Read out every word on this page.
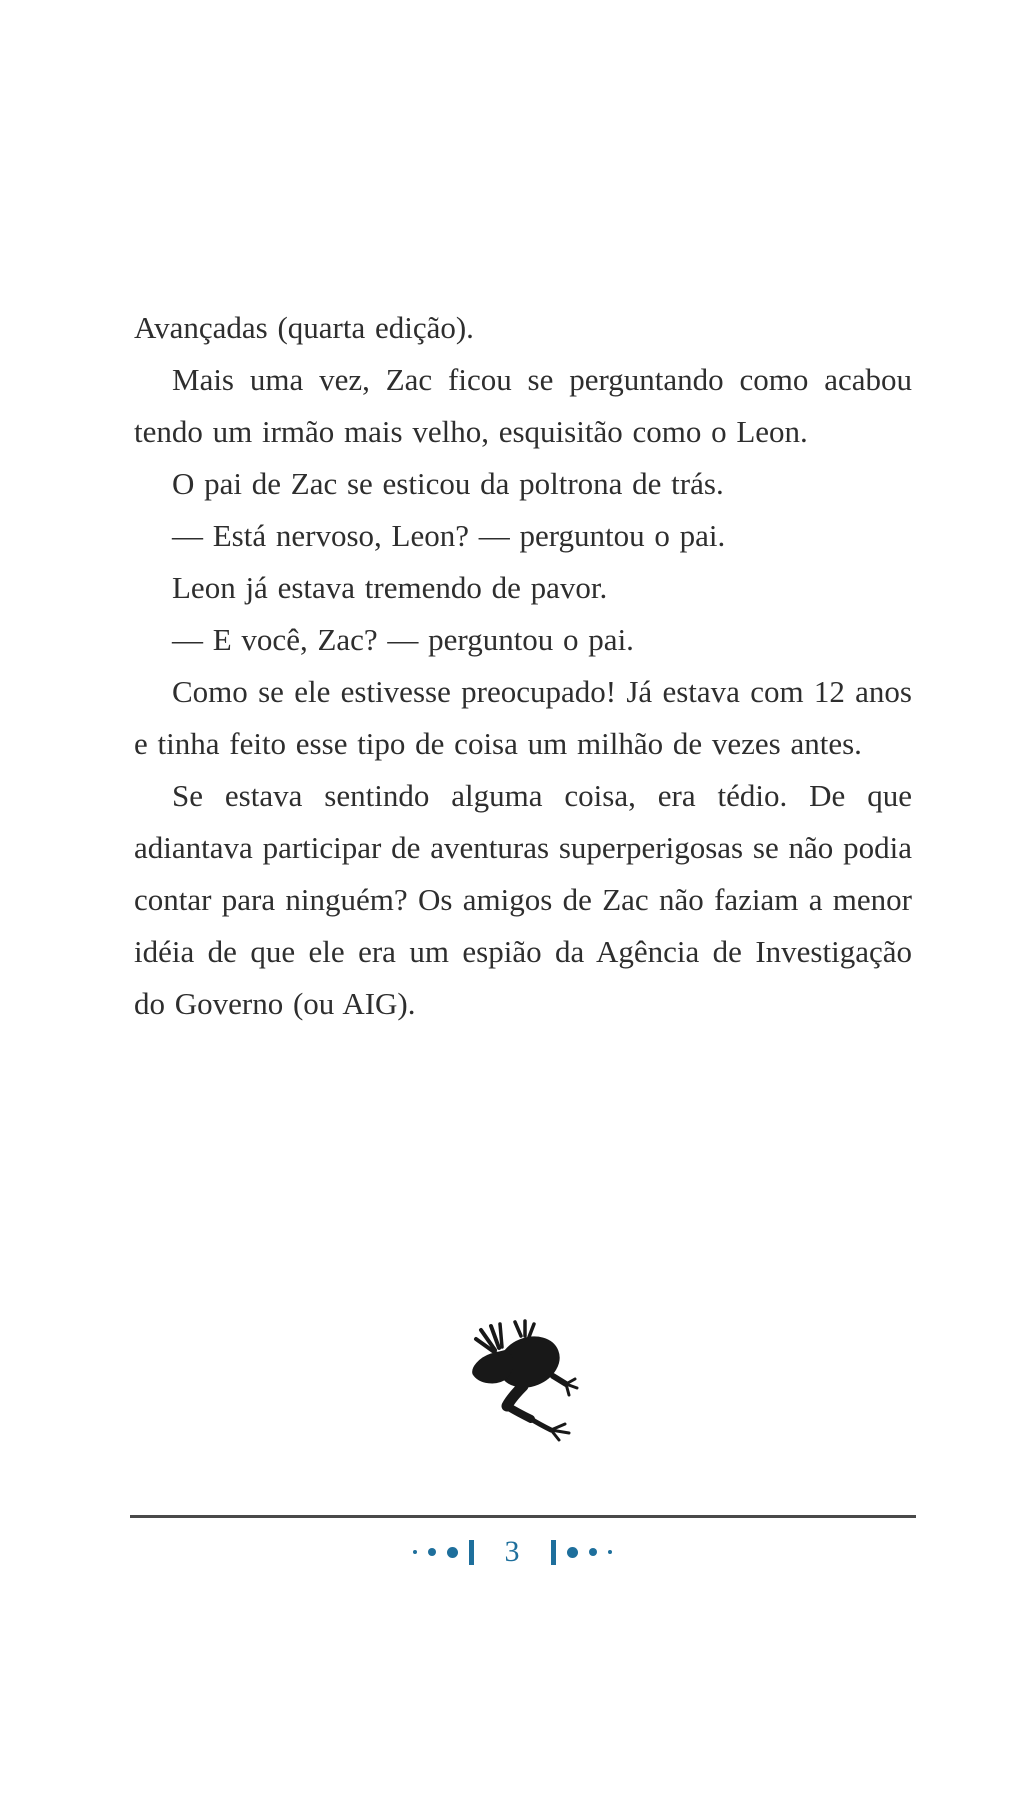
Avançadas (quarta edição).

Mais uma vez, Zac ficou se perguntando como acabou tendo um irmão mais velho, esquisitão como o Leon.

O pai de Zac se esticou da poltrona de trás.

— Está nervoso, Leon? — perguntou o pai.

Leon já estava tremendo de pavor.

— E você, Zac? — perguntou o pai.

Como se ele estivesse preocupado! Já estava com 12 anos e tinha feito esse tipo de coisa um milhão de vezes antes.

Se estava sentindo alguma coisa, era tédio. De que adiantava participar de aventuras superperigosas se não podia contar para ninguém? Os amigos de Zac não faziam a menor idéia de que ele era um espião da Agência de Investigação do Governo (ou AIG).

3
